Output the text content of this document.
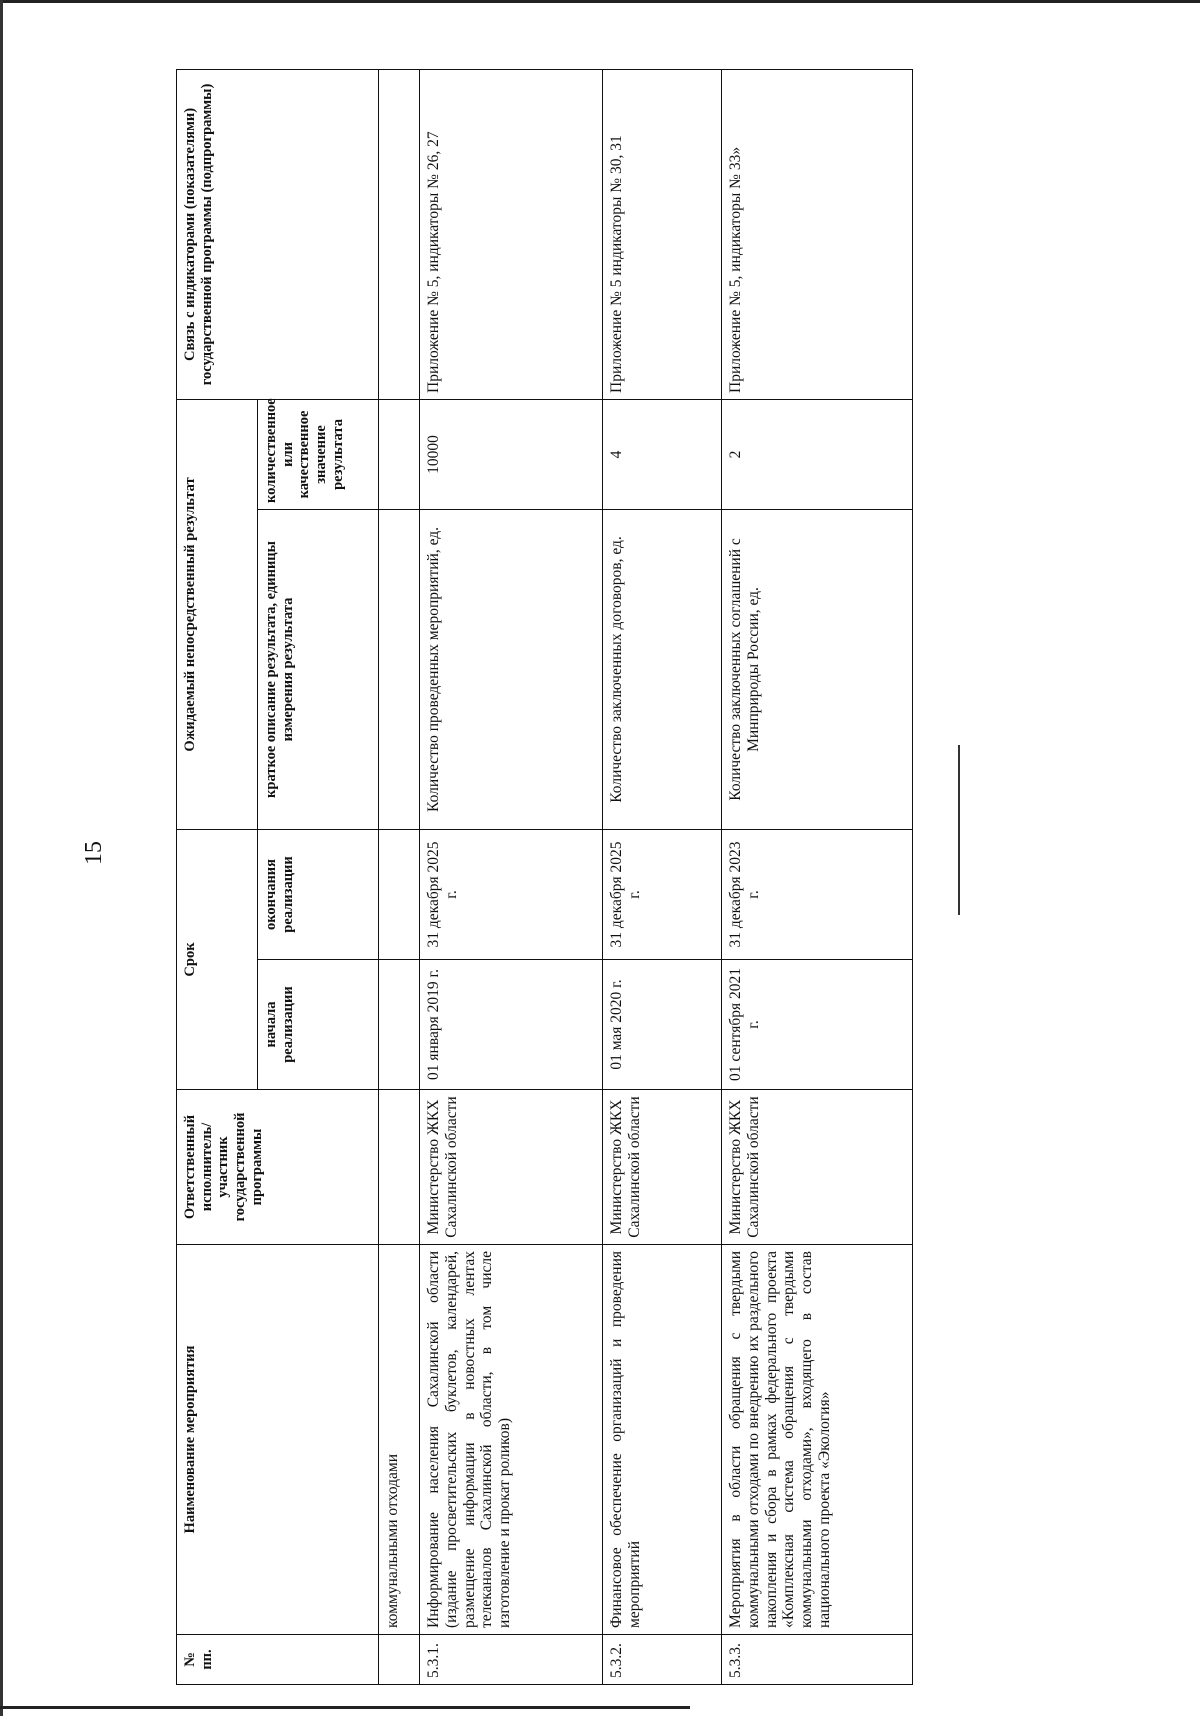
15
№ пп.	Наименование мероприятия	Ответственный исполнитель/ участник государственной программы	Срок		Ожидаемый непосредственный результат		Связь с индикаторами (показателями) государственной программы (подпрограммы)
			начала реализации	окончания реализации	краткое описание результата, единицы измерения результата	количественное или качественное значение результата	
	коммунальными отходами						
5.3.1.	Информирование населения Сахалинской области (издание просветительских буклетов, календарей, размещение информации в новостных лентах телеканалов Сахалинской области, в том числе изготовление и прокат роликов)	Министерство ЖКХ Сахалинской области	01 января 2019 г.	31 декабря 2025 г.	Количество проведенных мероприятий, ед.	10000	Приложение № 5, индикаторы № 26, 27
5.3.2.	Финансовое обеспечение организаций и проведения мероприятий	Министерство ЖКХ Сахалинской области	01 мая 2020 г.	31 декабря 2025 г.	Количество заключенных договоров, ед.	4	Приложение № 5 индикаторы № 30, 31
5.3.3.	Мероприятия в области обращения с твердыми коммунальными отходами по внедрению их раздельного накопления и сбора в рамках федерального проекта «Комплексная система обращения с твердыми коммунальными отходами», входящего в состав национального проекта «Экология»	Министерство ЖКХ Сахалинской области	01 сентября 2021 г.	31 декабря 2023 г.	Количество заключенных соглашений с Минприроды России, ед.	2	Приложение № 5, индикаторы № 33»
